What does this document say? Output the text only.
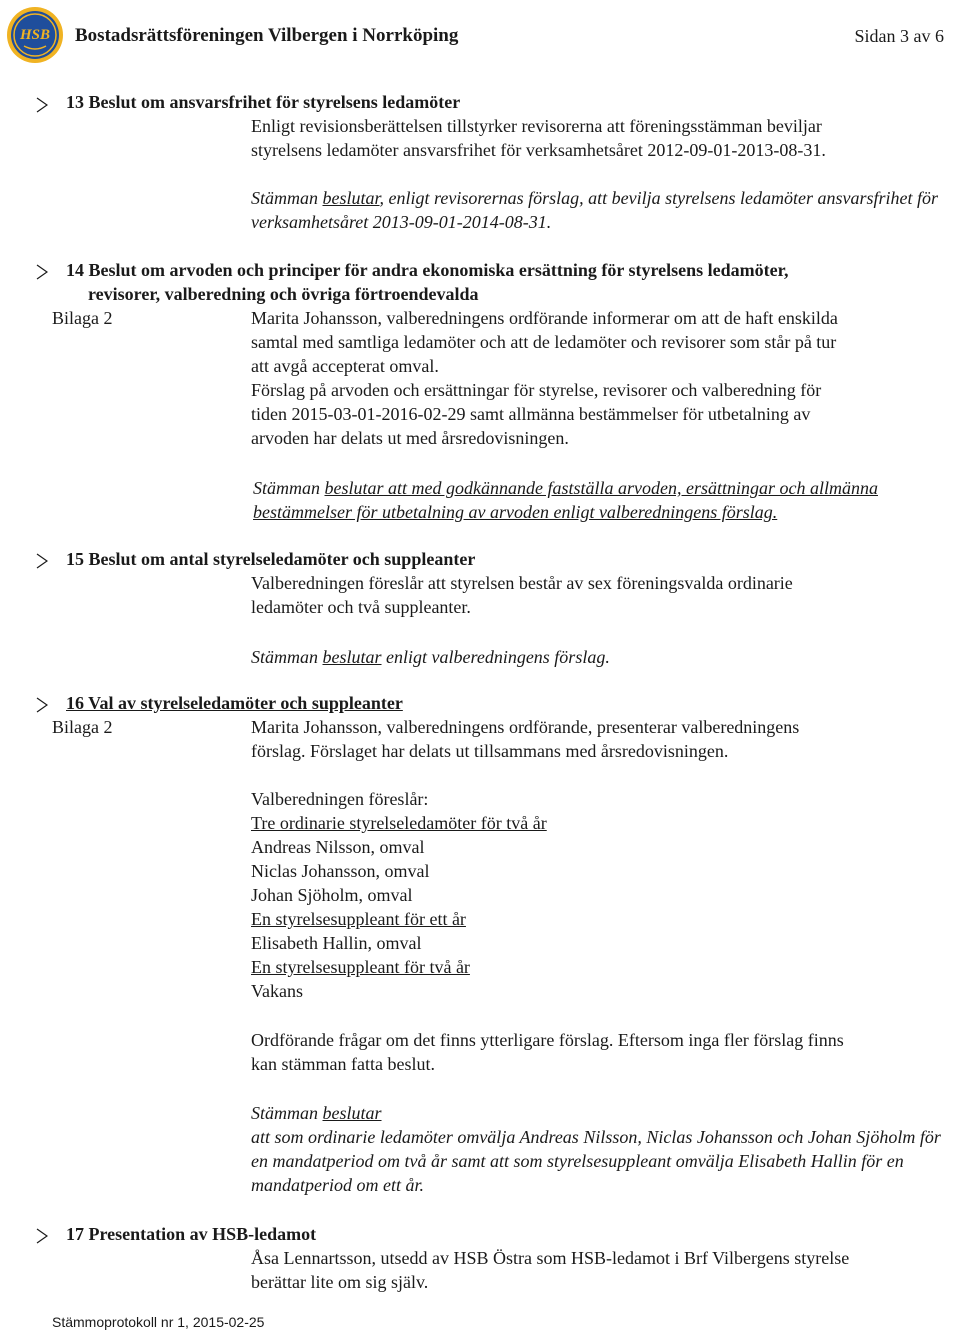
HSB Bostadsrättsföreningen Vilbergen i Norrköping	Sidan 3 av 6
13 Beslut om ansvarsfrihet för styrelsens ledamöter
Enligt revisionsberättelsen tillstyrker revisorerna att föreningsstämman beviljar
styrelsens ledamöter ansvarsfrihet för verksamhetsåret 2012-09-01-2013-08-31.
Stämman beslutar, enligt revisorernas förslag, att bevilja styrelsens ledamöter ansvarsfrihet för
verksamhetsåret 2013-09-01-2014-08-31.
14 Beslut om arvoden och principer för andra ekonomiska ersättning för styrelsens ledamöter,
revisorer, valberedning och övriga förtroendevalda
Bilaga 2	Marita Johansson, valberedningens ordförande informerar om att de haft enskilda
samtal med samtliga ledamöter och att de ledamöter och revisorer som står på tur
att avgå accepterat omval.
Förslag på arvoden och ersättningar för styrelse, revisorer och valberedning för
tiden 2015-03-01-2016-02-29 samt allmänna bestämmelser för utbetalning av
arvoden har delats ut med årsredovisningen.
Stämman beslutar att med godkännande fastställa arvoden, ersättningar och allmänna
bestämmelser för utbetalning av arvoden enligt valberedningens förslag.
15 Beslut om antal styrelseledamöter och suppleanter
Valberedningen föreslår att styrelsen består av sex föreningsvalda ordinarie
ledamöter och två suppleanter.
Stämman beslutar enligt valberedningens förslag.
16 Val av styrelseledamöter och suppleanter
Bilaga 2	Marita Johansson, valberedningens ordförande, presenterar valberedningens
förslag. Förslaget har delats ut tillsammans med årsredovisningen.
Valberedningen föreslår:
Tre ordinarie styrelseledamöter för två år
Andreas Nilsson, omval
Niclas Johansson, omval
Johan Sjöholm, omval
En styrelsesuppleant för ett år
Elisabeth Hallin, omval
En styrelsesuppleant för två år
Vakans
Ordförande frågar om det finns ytterligare förslag. Eftersom inga fler förslag finns
kan stämman fatta beslut.
Stämman beslutar
att som ordinarie ledamöter omvälja Andreas Nilsson, Niclas Johansson och Johan Sjöholm för
en mandatperiod om två år samt att som styrelsesuppleant omvälja Elisabeth Hallin för en
mandatperiod om ett år.
17 Presentation av HSB-ledamot
Åsa Lennartsson, utsedd av HSB Östra som HSB-ledamot i Brf Vilbergens styrelse
berättar lite om sig själv.
Stämmoprotokoll nr 1, 2015-02-25
